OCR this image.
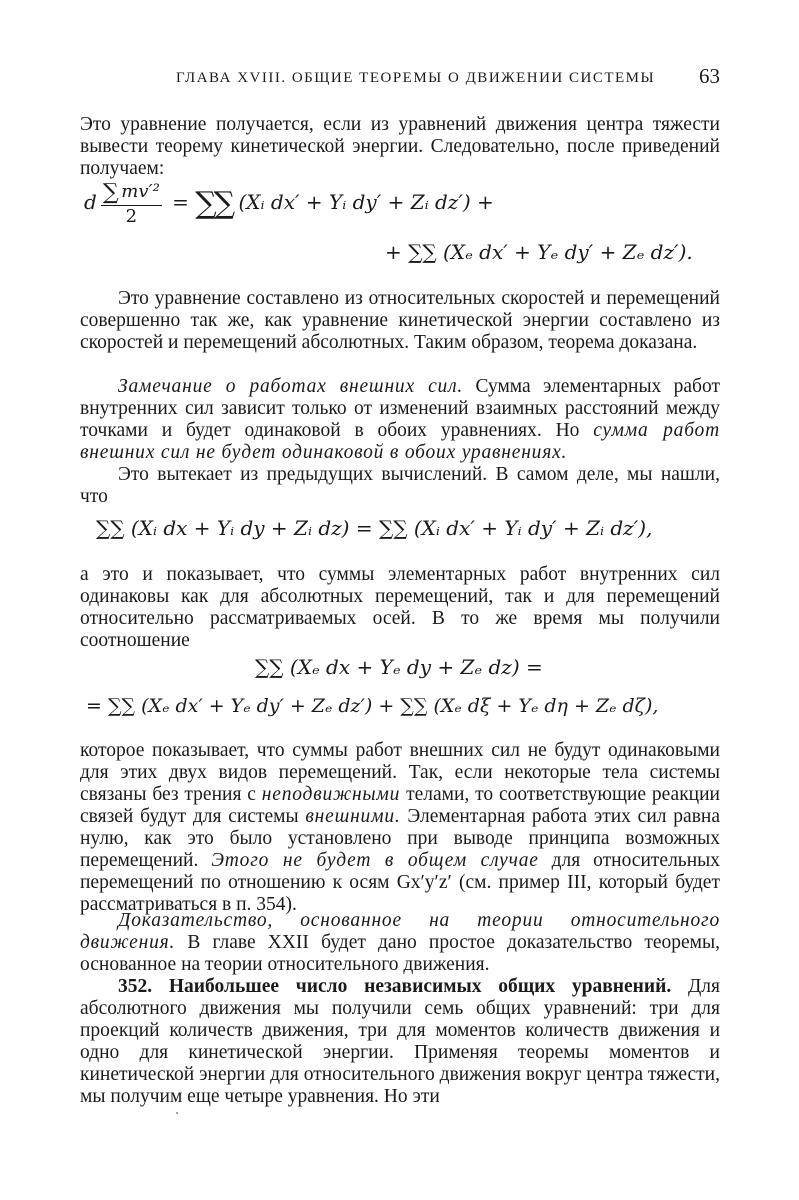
ГЛАВА XVIII. ОБЩИЕ ТЕОРЕМЫ О ДВИЖЕНИИ СИСТЕМЫ 63
Это уравнение получается, если из уравнений движения центра тяжести вывести теорему кинетической энергии. Следовательно, после приведений получаем:
d $\frac{\text{∑ mv′²}}{2}$ = ∑∑ (Xᵢ dx′ + Yᵢ dy′ + Zᵢ dz′) +
+ ∑∑ (Xₑ dx′ + Yₑ dy′ + Zₑ dz′).
Это уравнение составлено из относительных скоростей и перемещений совершенно так же, как уравнение кинетической энергии составлено из скоростей и перемещений абсолютных. Таким образом, теорема доказана.
Замечание о работах внешних сил. Сумма элементарных работ внутренних сил зависит только от изменений взаимных расстояний между точками и будет одинаковой в обоих уравнениях. Но сумма работ внешних сил не будет одинаковой в обоих уравнениях.
Это вытекает из предыдущих вычислений. В самом деле, мы нашли, что
∑∑ (Xᵢ dx + Yᵢ dy + Zᵢ dz) = ∑∑ (Xᵢ dx′ + Yᵢ dy′ + Zᵢ dz′),
а это и показывает, что суммы элементарных работ внутренних сил одинаковы как для абсолютных перемещений, так и для перемещений относительно рассматриваемых осей. В то же время мы получили соотношение
∑∑ (Xₑ dx + Yₑ dy + Zₑ dz) =
= ∑∑ (Xₑ dx′ + Yₑ dy′ + Zₑ dz′) + ∑∑ (Xₑ dξ + Yₑ dη + Zₑ dζ),
которое показывает, что суммы работ внешних сил не будут одинаковыми для этих двух видов перемещений. Так, если некоторые тела системы связаны без трения с неподвижными телами, то соответствующие реакции связей будут для системы внешними. Элементарная работа этих сил равна нулю, как это было установлено при выводе принципа возможных перемещений. Этого не будет в общем случае для относительных перемещений по отношению к осям Gx′y′z′ (см. пример III, который будет рассматриваться в п. 354).
Доказательство, основанное на теории относительного движения. В главе XXII будет дано простое доказательство теоремы, основанное на теории относительного движения.
352. Наибольшее число независимых общих уравнений. Для абсолютного движения мы получили семь общих уравнений: три для проекций количеств движения, три для моментов количеств движения и одно для кинетической энергии. Применяя теоремы моментов и кинетической энергии для относительного движения вокруг центра тяжести, мы получим еще четыре уравнения. Но эти
